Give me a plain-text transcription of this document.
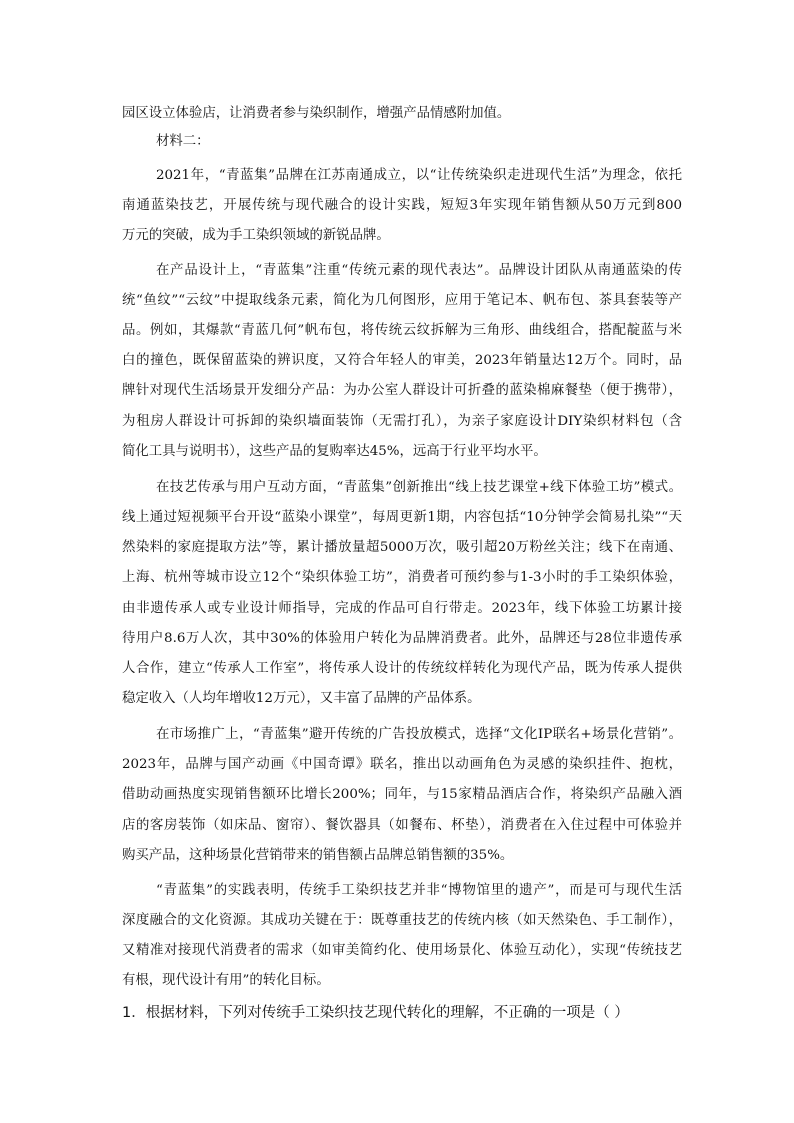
园区设立体验店，让消费者参与染织制作，增强产品情感附加值。
材料二：
2021年，“青蓝集”品牌在江苏南通成立，以“让传统染织走进现代生活”为理念，依托
南通蓝染技艺，开展传统与现代融合的设计实践，短短3年实现年销售额从50万元到800
万元的突破，成为手工染织领域的新锐品牌。
在产品设计上，“青蓝集”注重“传统元素的现代表达”。品牌设计团队从南通蓝染的传
统“鱼纹”“云纹”中提取线条元素，简化为几何图形，应用于笔记本、帆布包、茶具套装等产
品。例如，其爆款“青蓝几何”帆布包，将传统云纹拆解为三角形、曲线组合，搭配靛蓝与米
白的撞色，既保留蓝染的辨识度，又符合年轻人的审美，2023年销量达12万个。同时，品
牌针对现代生活场景开发细分产品：为办公室人群设计可折叠的蓝染棉麻餐垫（便于携带），
为租房人群设计可拆卸的染织墙面装饰（无需打孔），为亲子家庭设计DIY染织材料包（含
简化工具与说明书），这些产品的复购率达45%，远高于行业平均水平。
在技艺传承与用户互动方面，“青蓝集”创新推出“线上技艺课堂+线下体验工坊”模式。
线上通过短视频平台开设“蓝染小课堂”，每周更新1期，内容包括“10分钟学会简易扎染”“天
然染料的家庭提取方法”等，累计播放量超5000万次，吸引超20万粉丝关注；线下在南通、
上海、杭州等城市设立12个“染织体验工坊”，消费者可预约参与1-3小时的手工染织体验，
由非遗传承人或专业设计师指导，完成的作品可自行带走。2023年，线下体验工坊累计接
待用户8.6万人次，其中30%的体验用户转化为品牌消费者。此外，品牌还与28位非遗传承
人合作，建立“传承人工作室”，将传承人设计的传统纹样转化为现代产品，既为传承人提供
稳定收入（人均年增收12万元），又丰富了品牌的产品体系。
在市场推广上，“青蓝集”避开传统的广告投放模式，选择“文化IP联名+场景化营销”。
2023年，品牌与国产动画《中国奇谭》联名，推出以动画角色为灵感的染织挂件、抱枕，
借助动画热度实现销售额环比增长200%；同年，与15家精品酒店合作，将染织产品融入酒
店的客房装饰（如床品、窗帘）、餐饮器具（如餐布、杯垫），消费者在入住过程中可体验并
购买产品，这种场景化营销带来的销售额占品牌总销售额的35%。
“青蓝集”的实践表明，传统手工染织技艺并非“博物馆里的遗产”，而是可与现代生活
深度融合的文化资源。其成功关键在于：既尊重技艺的传统内核（如天然染色、手工制作），
又精准对接现代消费者的需求（如审美简约化、使用场景化、体验互动化），实现“传统技艺
有根，现代设计有用”的转化目标。
1．根据材料，下列对传统手工染织技艺现代转化的理解，不正确的一项是（ ）
